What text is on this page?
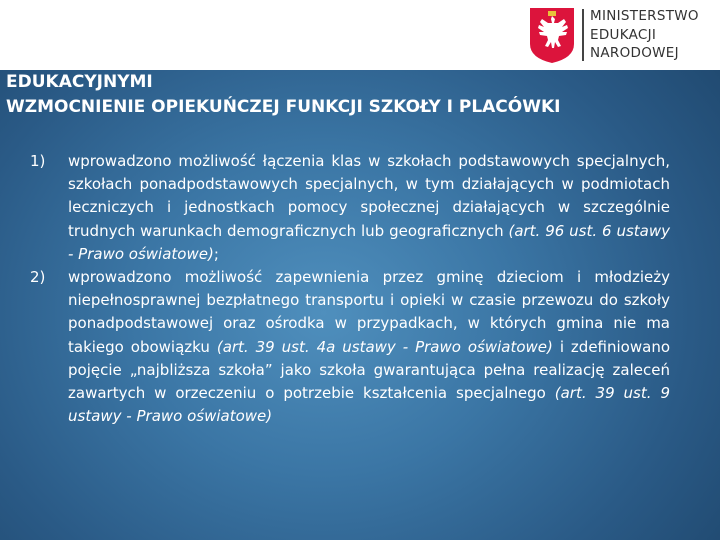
MINISTERSTWO
EDUKACJI
NARODOWEJ
KSZTAŁCENIE UCZNIÓW ZE SPECJALNYMI POTRZEBAMI
EDUKACYJNYMI
WZMOCNIENIE OPIEKUŃCZEJ FUNKCJI SZKOŁY I PLACÓWKI
1)	wprowadzono możliwość łączenia klas w szkołach podstawowych specjalnych, szkołach ponadpodstawowych specjalnych, w tym działających w podmiotach leczniczych i jednostkach pomocy społecznej działających w szczególnie trudnych warunkach demograficznych lub geograficznych (art. 96 ust. 6 ustawy - Prawo oświatowe);
2)	wprowadzono możliwość zapewnienia przez gminę dzieciom i młodzieży niepełnosprawnej bezpłatnego transportu i opieki w czasie przewozu do szkoły ponadpodstawowej oraz ośrodka w przypadkach, w których gmina nie ma takiego obowiązku (art. 39 ust. 4a ustawy - Prawo oświatowe) i zdefiniowano pojęcie „najbliższa szkoła” jako szkoła gwarantująca pełna realizację zaleceń zawartych w orzeczeniu o potrzebie kształcenia specjalnego (art. 39 ust. 9 ustawy - Prawo oświatowe)
